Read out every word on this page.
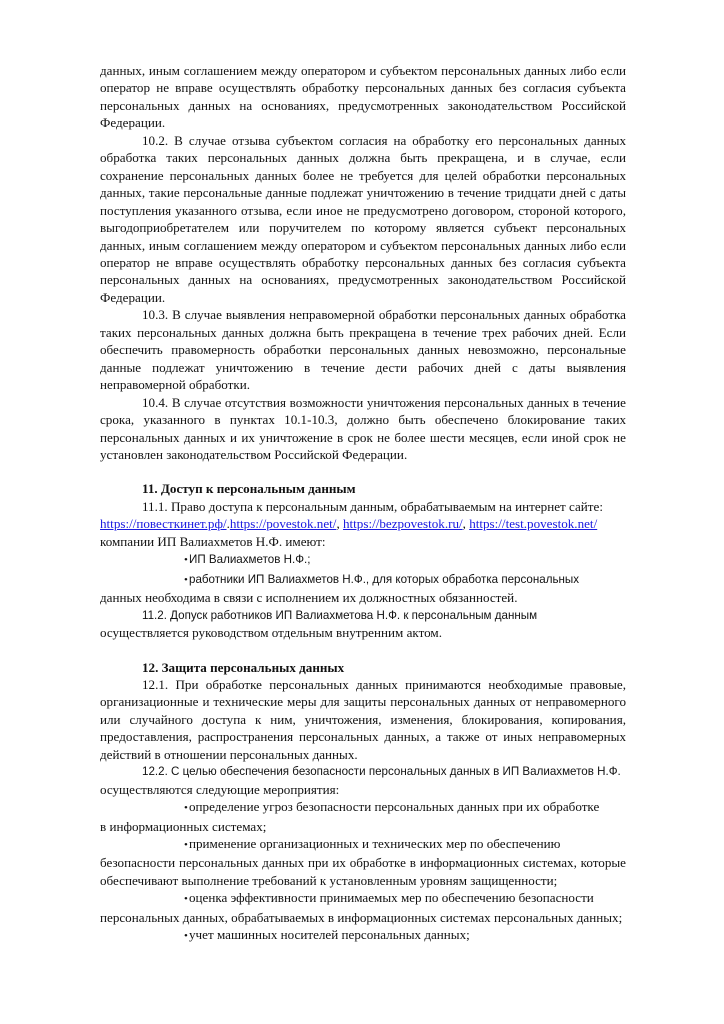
данных, иным соглашением между оператором и субъектом персональных данных либо если оператор не вправе осуществлять обработку персональных данных без согласия субъекта персональных данных на основаниях, предусмотренных законодательством Российской Федерации.

10.2. В случае отзыва субъектом согласия на обработку его персональных данных обработка таких персональных данных должна быть прекращена, и в случае, если сохранение персональных данных более не требуется для целей обработки персональных данных, такие персональные данные подлежат уничтожению в течение тридцати дней с даты поступления указанного отзыва, если иное не предусмотрено договором, стороной которого, выгодоприобретателем или поручителем по которому является субъект персональных данных, иным соглашением между оператором и субъектом персональных данных либо если оператор не вправе осуществлять обработку персональных данных без согласия субъекта персональных данных на основаниях, предусмотренных законодательством Российской Федерации.

10.3. В случае выявления неправомерной обработки персональных данных обработка таких персональных данных должна быть прекращена в течение трех рабочих дней. Если обеспечить правомерность обработки персональных данных невозможно, персональные данные подлежат уничтожению в течение дести рабочих дней с даты выявления неправомерной обработки.

10.4. В случае отсутствия возможности уничтожения персональных данных в течение срока, указанного в пунктах 10.1-10.3, должно быть обеспечено блокирование таких персональных данных и их уничтожение в срок не более шести месяцев, если иной срок не установлен законодательством Российской Федерации.

11. Доступ к персональным данным

11.1. Право доступа к персональным данным, обрабатываемым на интернет сайте:

https://повесткинет.рф/.https://povestok.net/, https://bezpovestok.ru/, https://test.povestok.net/

компании ИП Валиахметов Н.Ф. имеют:

•ИП Валиахметов Н.Ф.;

•работники ИП Валиахметов Н.Ф., для которых обработка персональных

данных необходима в связи с исполнением их должностных обязанностей.

11.2. Допуск работников ИП Валиахметова Н.Ф. к персональным данным

осуществляется руководством отдельным внутренним актом.

12. Защита персональных данных

12.1. При обработке персональных данных принимаются необходимые правовые, организационные и технические меры для защиты персональных данных от неправомерного или случайного доступа к ним, уничтожения, изменения, блокирования, копирования, предоставления, распространения персональных данных, а также от иных неправомерных действий в отношении персональных данных.

12.2. С целью обеспечения безопасности персональных данных в ИП Валиахметов Н.Ф.

осуществляются следующие мероприятия:

•определение угроз безопасности персональных данных при их обработке

в информационных системах;

•применение организационных и технических мер по обеспечению

безопасности персональных данных при их обработке в информационных системах, которые обеспечивают выполнение требований к установленным уровням защищенности;

•оценка эффективности принимаемых мер по обеспечению безопасности

персональных данных, обрабатываемых в информационных системах персональных данных;

•учет машинных носителей персональных данных;
